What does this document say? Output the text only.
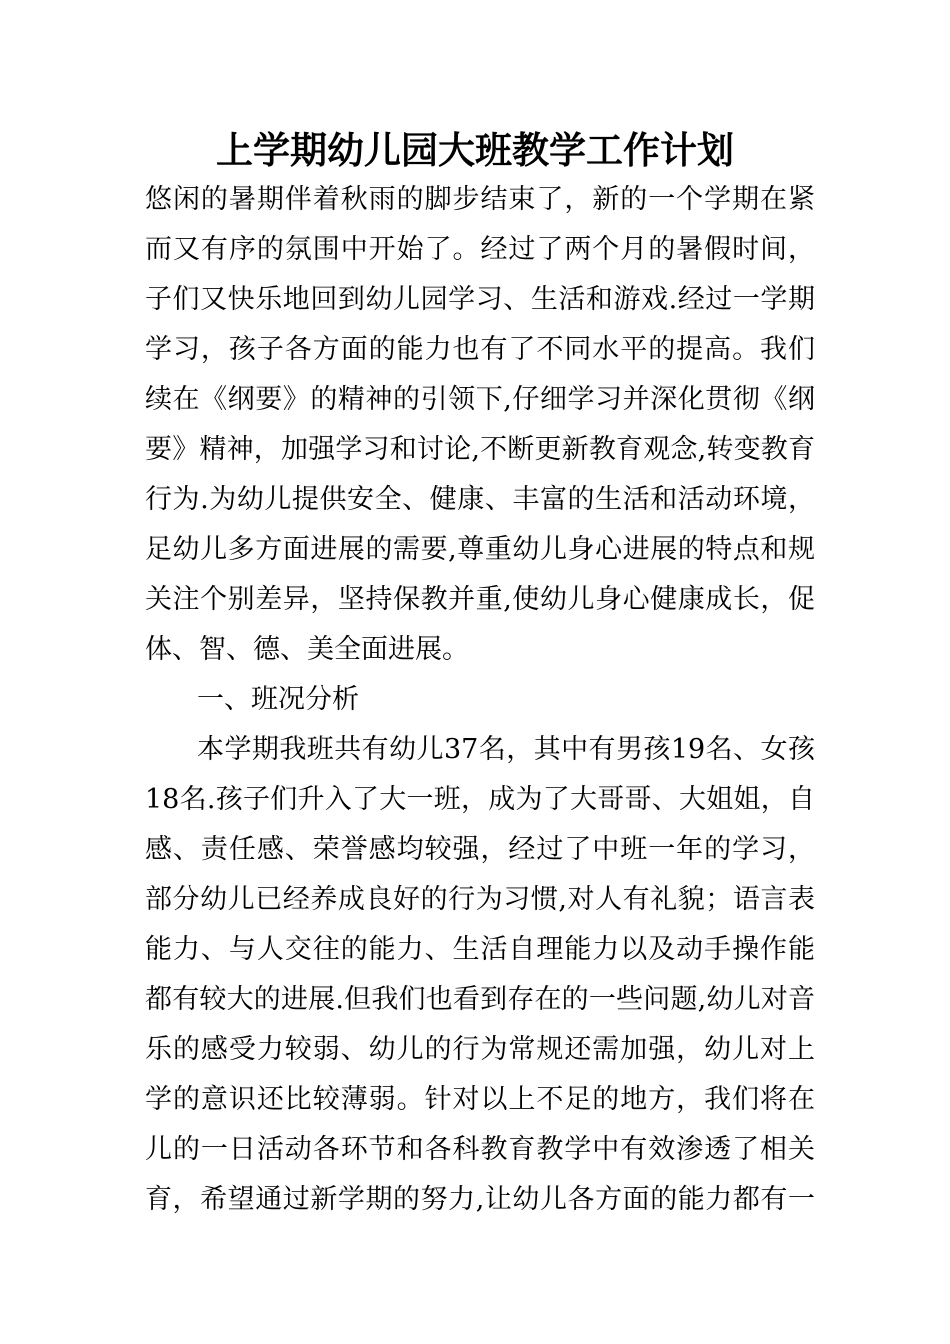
上学期幼儿园大班教学工作计划
悠闲的暑期伴着秋雨的脚步结束了，新的一个学期在紧
而又有序的氛围中开始了。经过了两个月的暑假时间，
子们又快乐地回到幼儿园学习、生活和游戏.经过一学期
学习，孩子各方面的能力也有了不同水平的提高。我们
续在《纲要》的精神的引领下,仔细学习并深化贯彻《纲
要》精神，加强学习和讨论,不断更新教育观念,转变教育
行为.为幼儿提供安全、健康、丰富的生活和活动环境，
足幼儿多方面进展的需要,尊重幼儿身心进展的特点和规
关注个别差异，坚持保教并重,使幼儿身心健康成长，促
体、智、德、美全面进展。
一、班况分析
本学期我班共有幼儿37名，其中有男孩19名、女孩
18名.孩子们升入了大一班，成为了大哥哥、大姐姐，自
感、责任感、荣誉感均较强，经过了中班一年的学习，
部分幼儿已经养成良好的行为习惯,对人有礼貌；语言表
能力、与人交往的能力、生活自理能力以及动手操作能
都有较大的进展.但我们也看到存在的一些问题,幼儿对音
乐的感受力较弱、幼儿的行为常规还需加强，幼儿对上
学的意识还比较薄弱。针对以上不足的地方，我们将在
儿的一日活动各环节和各科教育教学中有效渗透了相关
育，希望通过新学期的努力,让幼儿各方面的能力都有一
